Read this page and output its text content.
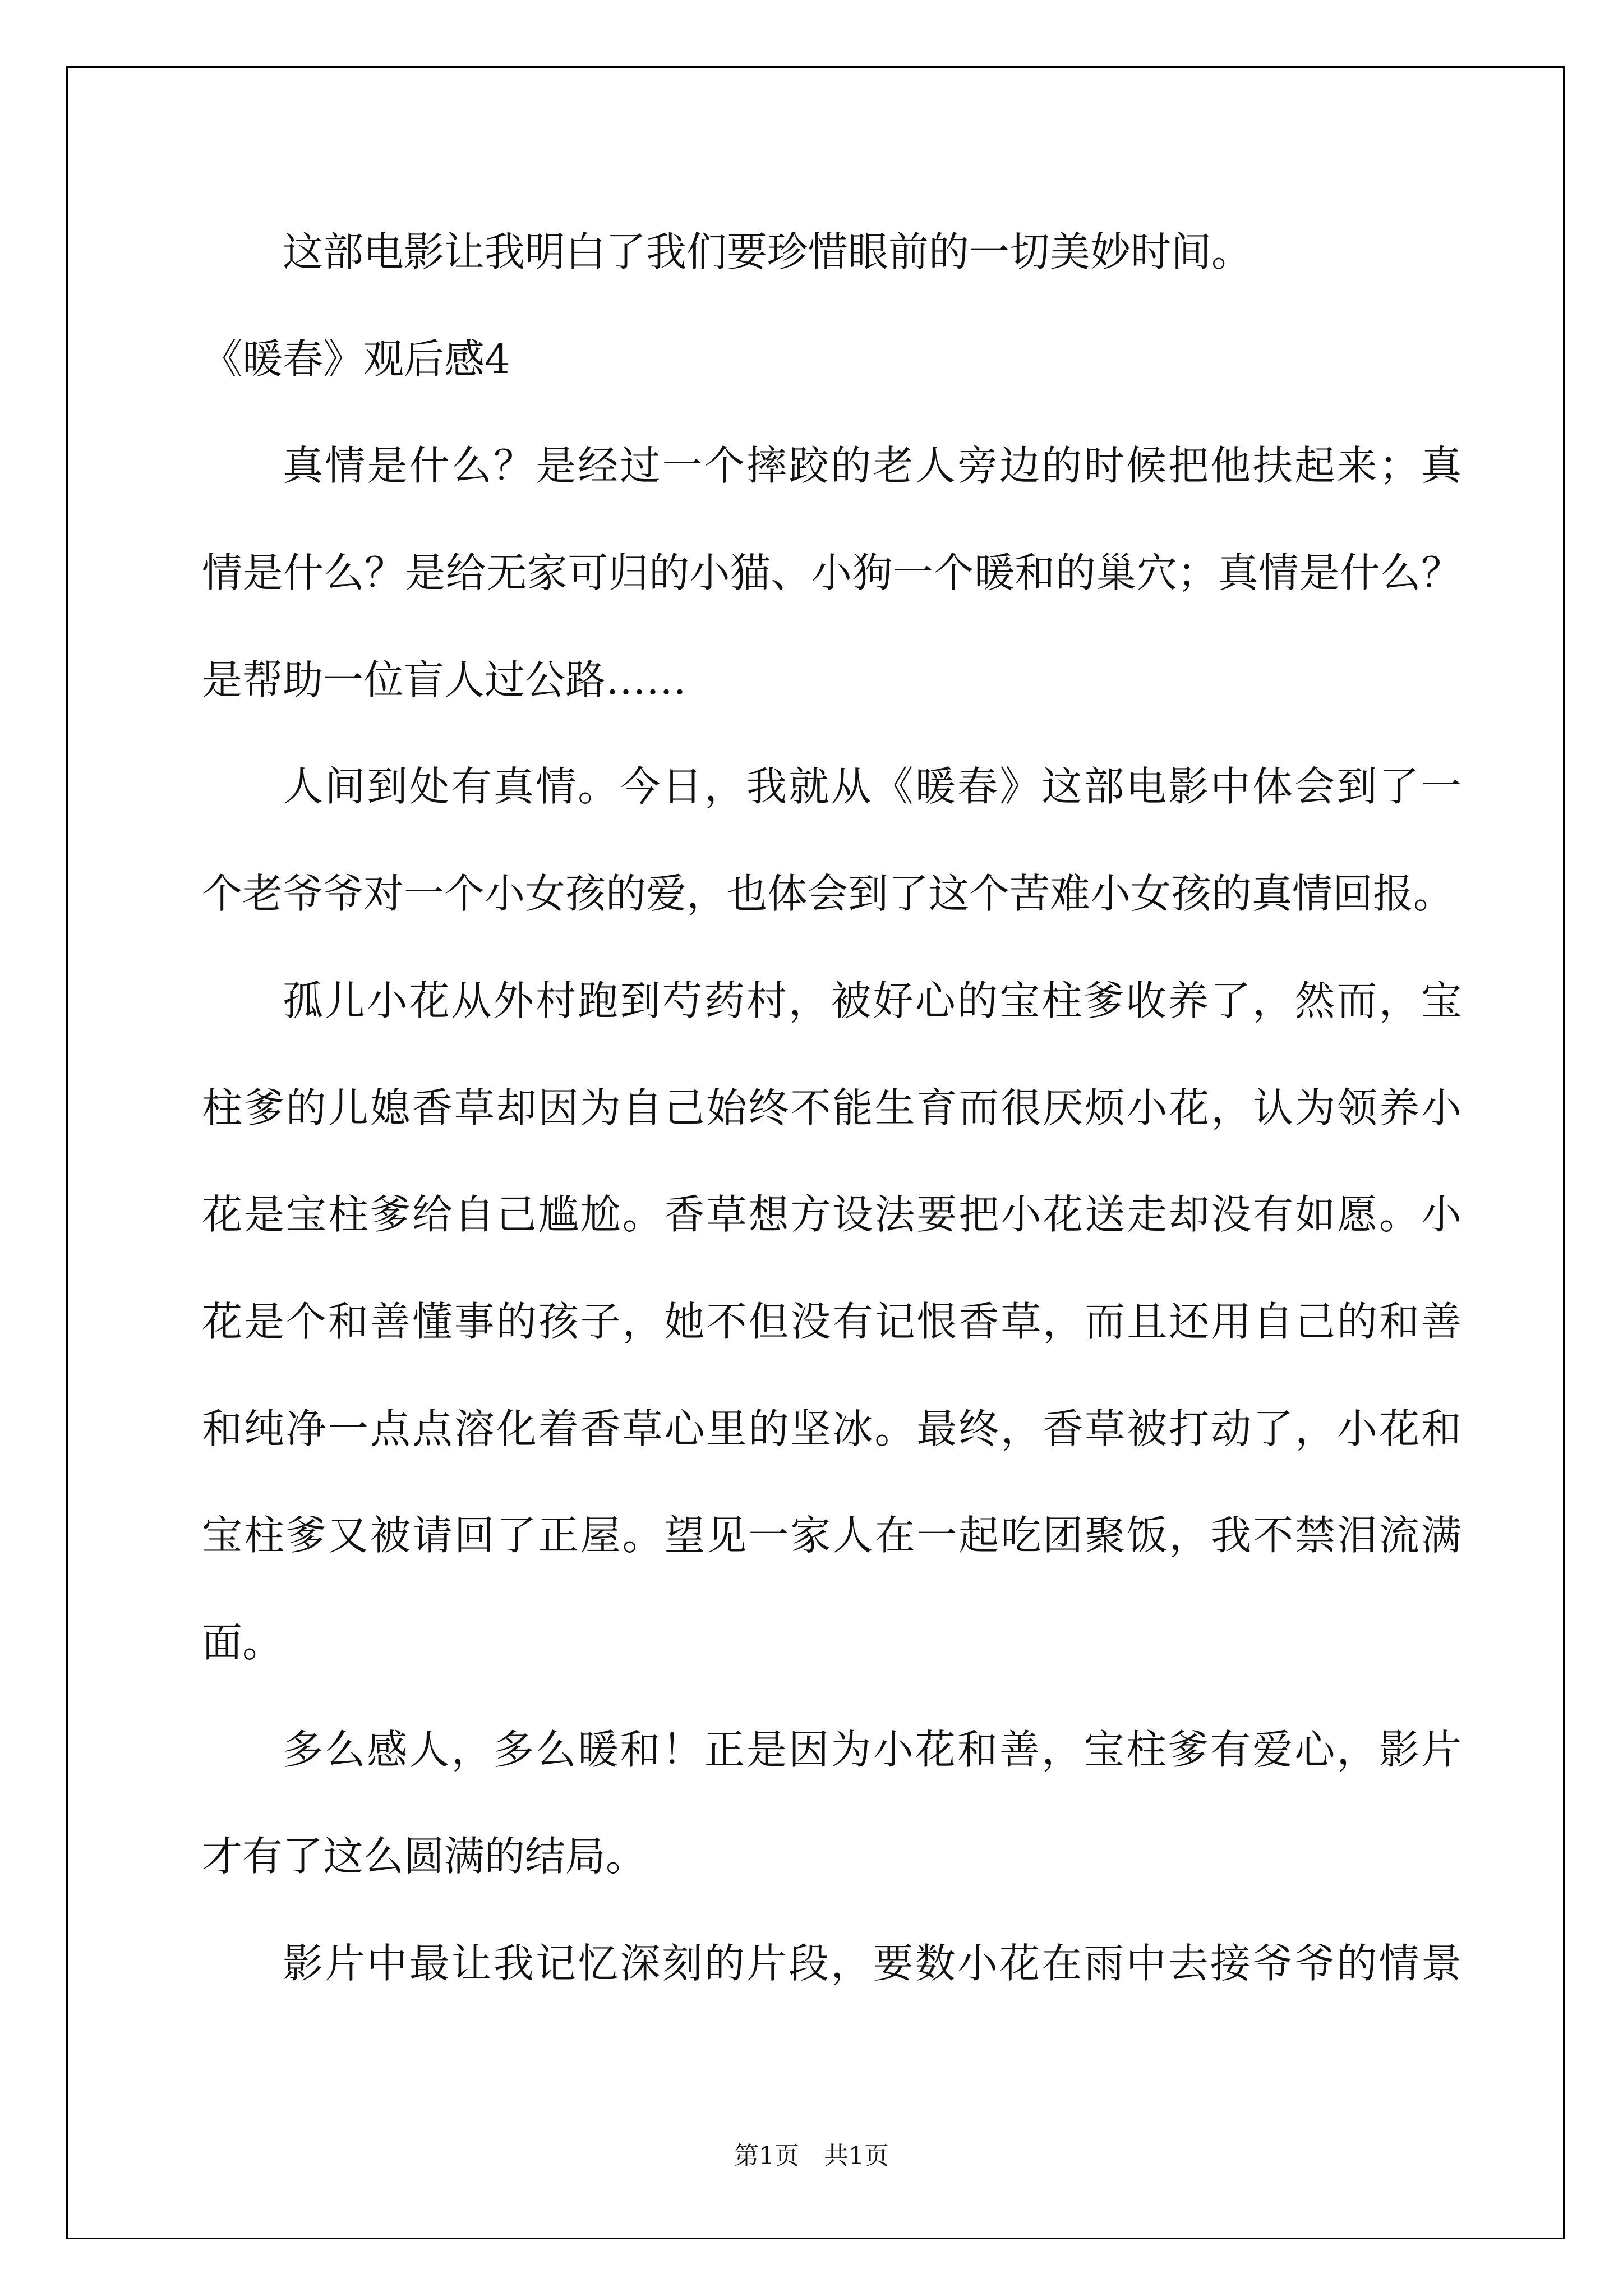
这部电影让我明白了我们要珍惜眼前的一切美妙时间。
《暖春》观后感4
真情是什么？是经过一个摔跤的老人旁边的时候把他扶起来；真
情是什么？是给无家可归的小猫、小狗一个暖和的巢穴；真情是什么？
是帮助一位盲人过公路……
人间到处有真情。今日，我就从《暖春》这部电影中体会到了一
个老爷爷对一个小女孩的爱，也体会到了这个苦难小女孩的真情回报。
孤儿小花从外村跑到芍药村，被好心的宝柱爹收养了，然而，宝
柱爹的儿媳香草却因为自己始终不能生育而很厌烦小花，认为领养小
花是宝柱爹给自己尴尬。香草想方设法要把小花送走却没有如愿。小
花是个和善懂事的孩子，她不但没有记恨香草，而且还用自己的和善
和纯净一点点溶化着香草心里的坚冰。最终，香草被打动了，小花和
宝柱爹又被请回了正屋。望见一家人在一起吃团聚饭，我不禁泪流满
面。
多么感人，多么暖和！正是因为小花和善，宝柱爹有爱心，影片
才有了这么圆满的结局。
影片中最让我记忆深刻的片段，要数小花在雨中去接爷爷的情景
第1页　共1页
